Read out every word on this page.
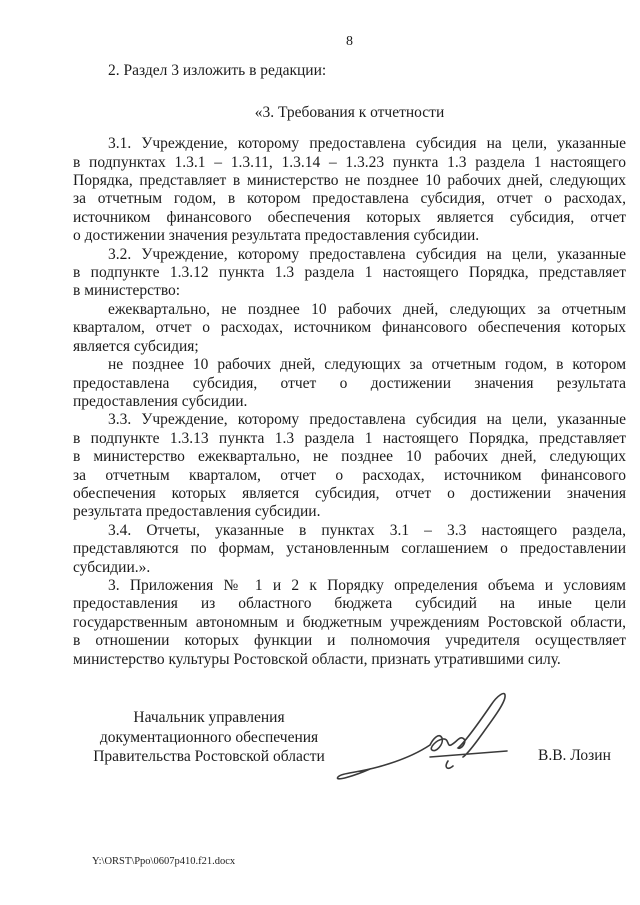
8
2. Раздел 3 изложить в редакции:
«3. Требования к отчетности
3.1. Учреждение, которому предоставлена субсидия на цели, указанные
в подпунктах 1.3.1 – 1.3.11, 1.3.14 – 1.3.23 пункта 1.3 раздела 1 настоящего
Порядка, представляет в министерство не позднее 10 рабочих дней, следующих
за отчетным годом, в котором предоставлена субсидия, отчет о расходах,
источником финансового обеспечения которых является субсидия, отчет
о достижении значения результата предоставления субсидии.
3.2. Учреждение, которому предоставлена субсидия на цели, указанные
в подпункте 1.3.12 пункта 1.3 раздела 1 настоящего Порядка, представляет
в министерство:
ежеквартально, не позднее 10 рабочих дней, следующих за отчетным
кварталом, отчет о расходах, источником финансового обеспечения которых
является субсидия;
не позднее 10 рабочих дней, следующих за отчетным годом, в котором
предоставлена субсидия, отчет о достижении значения результата
предоставления субсидии.
3.3. Учреждение, которому предоставлена субсидия на цели, указанные
в подпункте 1.3.13 пункта 1.3 раздела 1 настоящего Порядка, представляет
в министерство ежеквартально, не позднее 10 рабочих дней, следующих
за отчетным кварталом, отчет о расходах, источником финансового
обеспечения которых является субсидия, отчет о достижении значения
результата предоставления субсидии.
3.4. Отчеты, указанные в пунктах 3.1 – 3.3 настоящего раздела,
представляются по формам, установленным соглашением о предоставлении
субсидии.».
3. Приложения № 1 и 2 к Порядку определения объема и условиям
предоставления из областного бюджета субсидий на иные цели
государственным автономным и бюджетным учреждениям Ростовской области,
в отношении которых функции и полномочия учредителя осуществляет
министерство культуры Ростовской области, признать утратившими силу.
Начальник управления
документационного обеспечения
Правительства Ростовской области	В.В. Лозин
Y:\ORST\Ppo\0607p410.f21.docx
